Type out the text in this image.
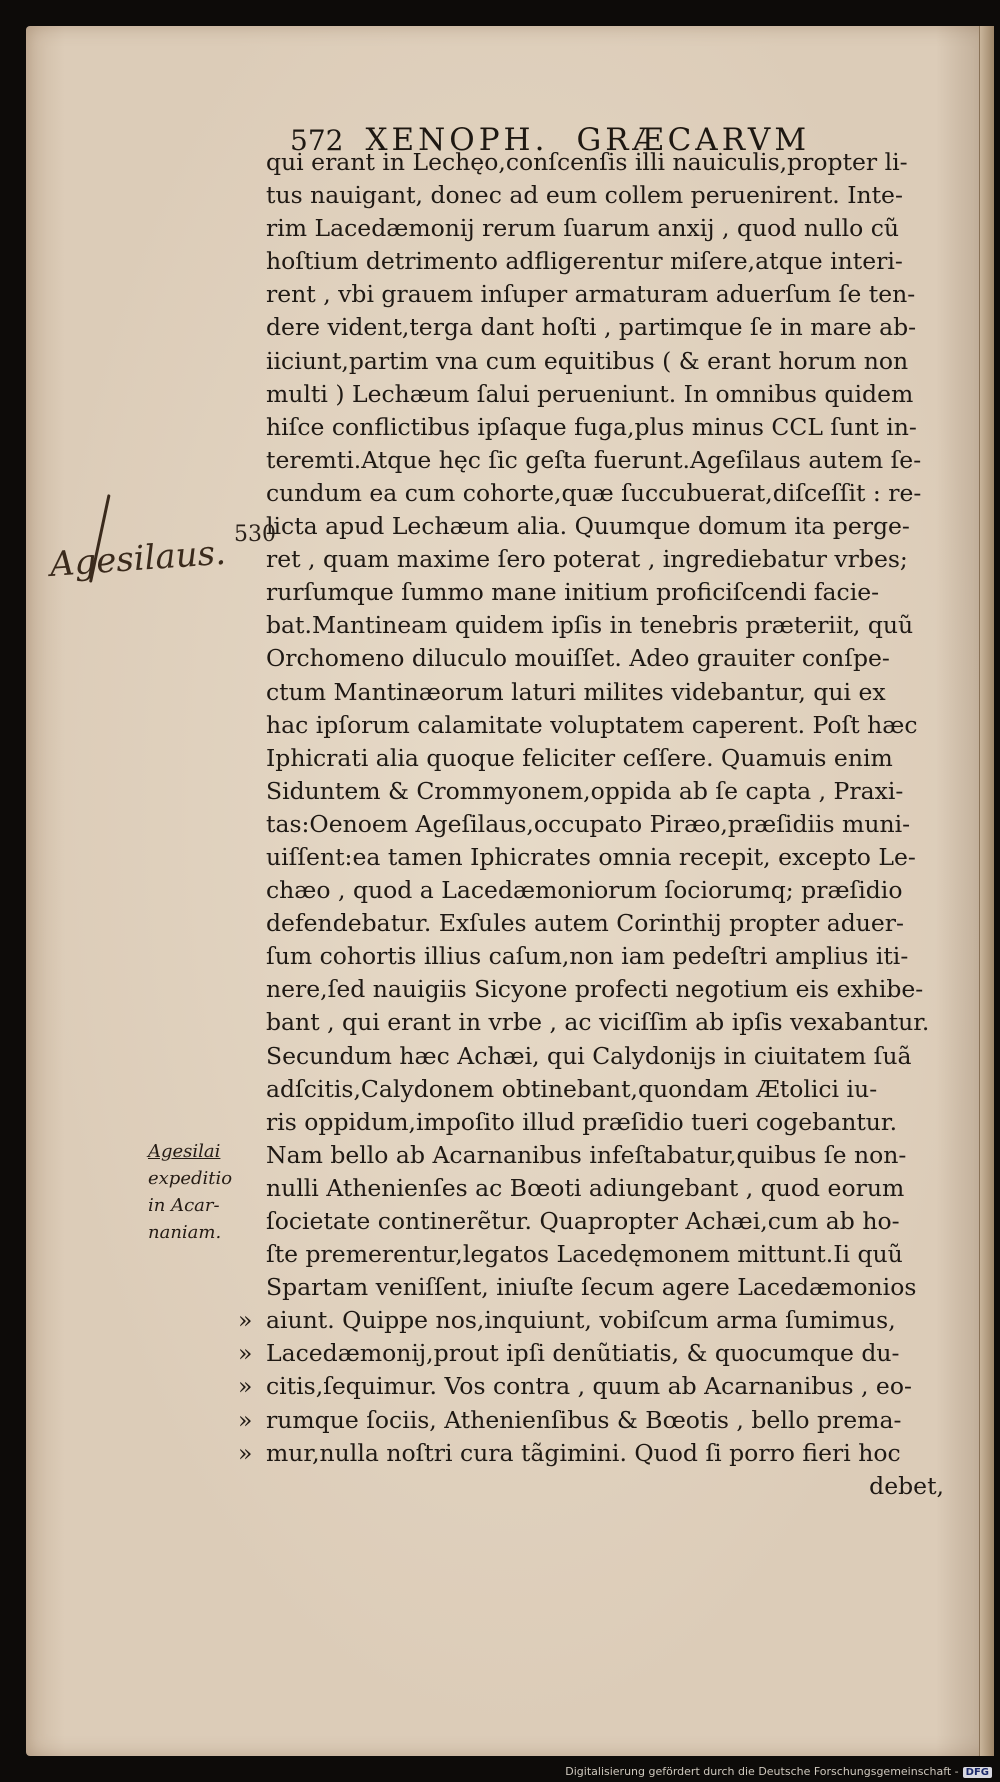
572 XENOPH. GRÆCARVM
qui erant in Lechęo,conſcenſis illi nauiculis,propter li-
tus nauigant, donec ad eum collem peruenirent. Inte-
rim Lacedæmonij rerum ſuarum anxij , quod nullo cũ
hoſtium detrimento adfligerentur miſere,atque interi-
rent , vbi grauem inſuper armaturam aduerſum ſe ten-
dere vident,terga dant hoſti , partimque ſe in mare ab-
iiciunt,partim vna cum equitibus ( & erant horum non
multi ) Lechæum ſalui perueniunt. In omnibus quidem
hiſce conflictibus ipſaque fuga,plus minus CCL ſunt in-
teremti.Atque hęc ſic geſta fuerunt.Ageſilaus autem ſe-
cundum ea cum cohorte,quæ ſuccubuerat,diſceſſit : re-
licta apud Lechæum alia. Quumque domum ita perge-
ret , quam maxime ſero poterat , ingrediebatur vrbes;
rurſumque ſummo mane initium proficiſcendi facie-
bat.Mantineam quidem ipſis in tenebris præteriit, quũ
Orchomeno diluculo mouiſſet. Adeo grauiter conſpe-
ctum Mantinæorum laturi milites videbantur, qui ex
hac ipſorum calamitate voluptatem caperent. Poſt hæc
Iphicrati alia quoque feliciter ceſſere. Quamuis enim
Siduntem & Crommyonem,oppida ab ſe capta , Praxi-
tas:Oenoem Ageſilaus,occupato Piræo,præſidiis muni-
uiſſent:ea tamen Iphicrates omnia recepit, excepto Le-
chæo , quod a Lacedæmoniorum ſociorumq; præſidio
defendebatur. Exſules autem Corinthij propter aduer-
ſum cohortis illius caſum,non iam pedeſtri amplius iti-
nere,ſed nauigiis Sicyone profecti negotium eis exhibe-
bant , qui erant in vrbe , ac viciſſim ab ipſis vexabantur.
Secundum hæc Achæi, qui Calydonijs in ciuitatem ſuã
adſcitis,Calydonem obtinebant,quondam Ætolici iu-
ris oppidum,impoſito illud præſidio tueri cogebantur.
Nam bello ab Acarnanibus infeſtabatur,quibus ſe non-
nulli Athenienſes ac Bœoti adiungebant , quod eorum
ſocietate continerẽtur. Quapropter Achæi,cum ab ho-
ſte premerentur,legatos Lacedęmonem mittunt.Ii quũ
Spartam veniſſent, iniuſte ſecum agere Lacedæmonios
aiunt. Quippe nos,inquiunt, vobiſcum arma ſumimus,
Lacedæmonij,prout ipſi denũtiatis, & quocumque du-
citis,ſequimur. Vos contra , quum ab Acarnanibus , eo-
rumque ſociis, Athenienſibus & Bœotis , bello prema-
mur,nulla noſtri cura tãgimini. Quod ſi porro fieri hoc
debet,
530
Agesilaus.
Agesilai
expeditio
in Acar-
naniam.
Digitalisierung gefördert durch die Deutsche Forschungsgemeinschaft - DFG
